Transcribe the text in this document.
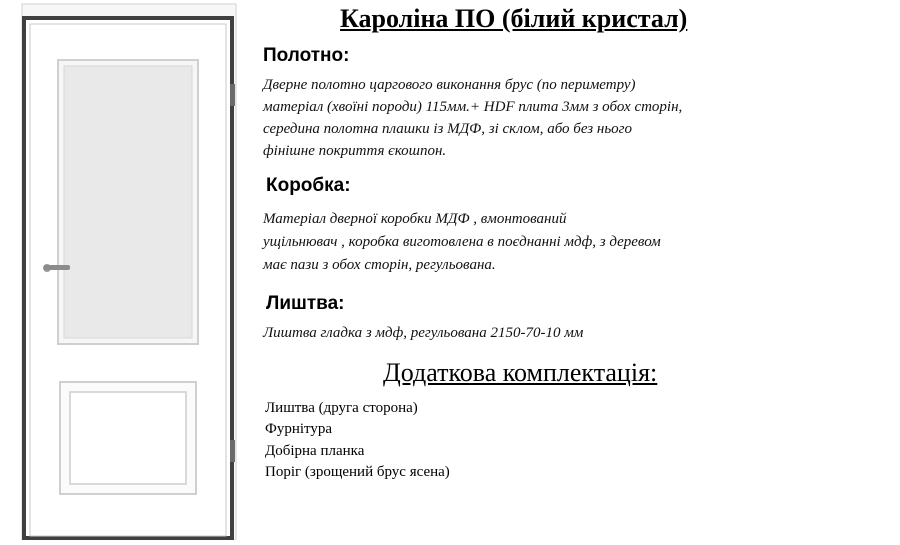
Кароліна ПО (білий кристал)
Полотно:
Дверне полотно царгового виконання брус (по периметру)
матеріал (хвоїні породи) 115мм.+ HDF плита 3мм з обох сторін,
середина полотна плашки із МДФ, зі склом, або без нього
фінішне покриття єкошпон.
Коробка:
Матеріал дверної коробки МДФ , вмонтований
ущільнювач , коробка виготовлена в поєднанні мдф, з деревом
має пази з обох сторін, регульована.
Лиштва:
Лиштва гладка з мдф, регульована 2150-70-10 мм
Додаткова комплектація:
Лиштва (друга сторона)
Фурнітура
Добірна планка
Поріг (зрощений брус ясена)
